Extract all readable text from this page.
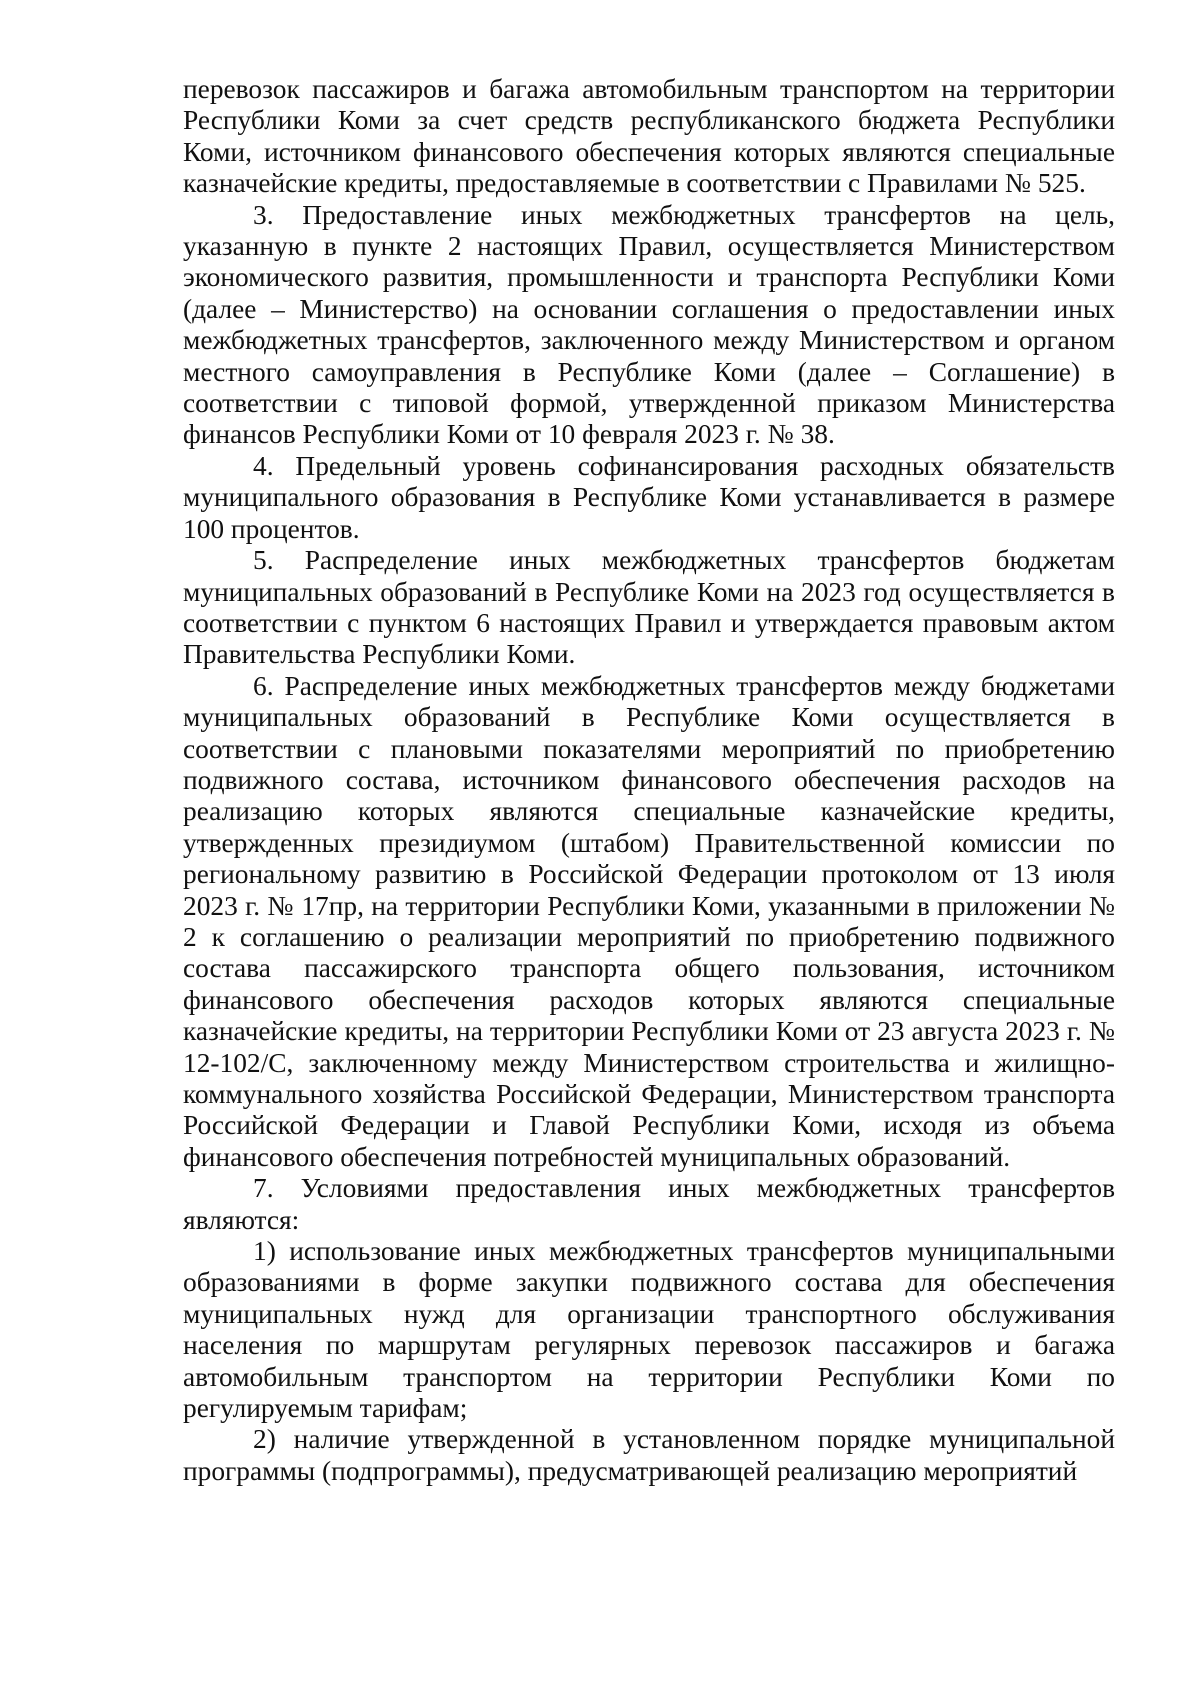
перевозок пассажиров и багажа автомобильным транспортом на территории Республики Коми за счет средств республиканского бюджета Республики Коми, источником финансового обеспечения которых являются специальные казначейские кредиты, предоставляемые в соответствии с Правилами № 525.

3. Предоставление иных межбюджетных трансфертов на цель, указанную в пункте 2 настоящих Правил, осуществляется Министерством экономического развития, промышленности и транспорта Республики Коми (далее – Министерство) на основании соглашения о предоставлении иных межбюджетных трансфертов, заключенного между Министерством и органом местного самоуправления в Республике Коми (далее – Соглашение) в соответствии с типовой формой, утвержденной приказом Министерства финансов Республики Коми от 10 февраля 2023 г. № 38.

4. Предельный уровень софинансирования расходных обязательств муниципального образования в Республике Коми устанавливается в размере 100 процентов.

5. Распределение иных межбюджетных трансфертов бюджетам муниципальных образований в Республике Коми на 2023 год осуществляется в соответствии с пунктом 6 настоящих Правил и утверждается правовым актом Правительства Республики Коми.

6. Распределение иных межбюджетных трансфертов между бюджетами муниципальных образований в Республике Коми осуществляется в соответствии с плановыми показателями мероприятий по приобретению подвижного состава, источником финансового обеспечения расходов на реализацию которых являются специальные казначейские кредиты, утвержденных президиумом (штабом) Правительственной комиссии по региональному развитию в Российской Федерации протоколом от 13 июля 2023 г. № 17пр, на территории Республики Коми, указанными в приложении № 2 к соглашению о реализации мероприятий по приобретению подвижного состава пассажирского транспорта общего пользования, источником финансового обеспечения расходов которых являются специальные казначейские кредиты, на территории Республики Коми от 23 августа 2023 г. № 12-102/С, заключенному между Министерством строительства и жилищно-коммунального хозяйства Российской Федерации, Министерством транспорта Российской Федерации и Главой Республики Коми, исходя из объема финансового обеспечения потребностей муниципальных образований.

7. Условиями предоставления иных межбюджетных трансфертов являются:

1) использование иных межбюджетных трансфертов муниципальными образованиями в форме закупки подвижного состава для обеспечения муниципальных нужд для организации транспортного обслуживания населения по маршрутам регулярных перевозок пассажиров и багажа автомобильным транспортом на территории Республики Коми по регулируемым тарифам;

2) наличие утвержденной в установленном порядке муниципальной программы (подпрограммы), предусматривающей реализацию мероприятий
